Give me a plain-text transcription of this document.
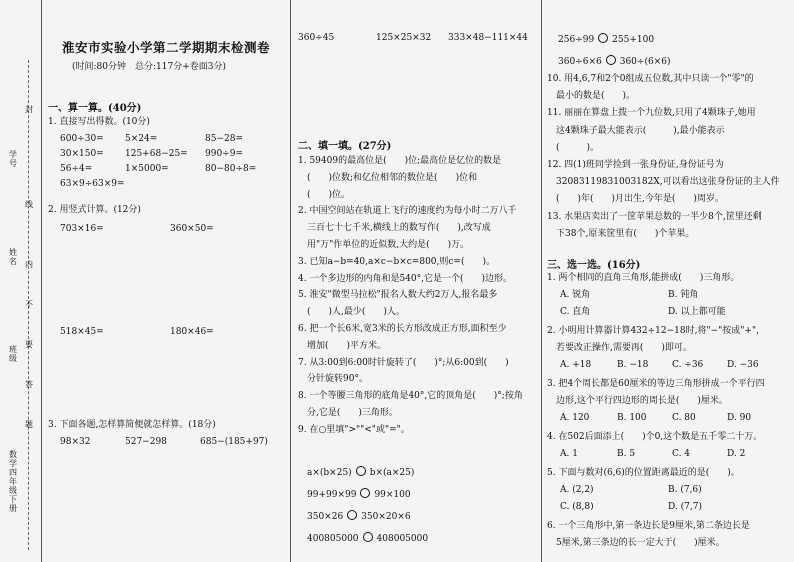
学号
姓名
班级
数学四年级下册
封
线
内
不
要
答
题
淮安市实验小学第二学期期末检测卷
(时间:80分钟　总分:117分+卷面3分)
一、算一算。(40分)
1. 直接写出得数。(10分)
600÷30= 5×24=	85−28=
30×150= 125+68−25= 990÷9=
56÷4=	1×5000=	80−80÷8=
63×9÷63×9=
2. 用竖式计算。(12分)
703×16=	360×50=
518×45=	180×46=
3. 下面各题,怎样算简便就怎样算。(18分)
98×32	527−298	685−(185+97)
360÷45	125×25×32 333×48−111×44
二、填一填。(27分)
1. 59409的最高位是(　　)位;最高位是亿位的数是
　(　　)位数;和亿位相邻的数位是(　　)位和
　(　　)位。
2. 中国空间站在轨道上飞行的速度约为每小时二万八千
　三百七十七千米,横线上的数写作(　　),改写成
　用"万"作单位的近似数,大约是(　　)万。
3. 已知a−b=40,a×c−b×c=800,则c=(　　)。
4. 一个多边形的内角和是540°,它是一个(　　)边形。
5. 淮安"微型马拉松"报名人数大约2万人,报名最多
　(　　)人,最少(　　)人。
6. 把一个长6米,宽3米的长方形改成正方形,面积至少
　增加(　　)平方米。
7. 从3:00到6:00时针旋转了(　　)°;从6:00到(　　)
　分针旋转90°。
8. 一个等腰三角形的底角是40°,它的顶角是(　　)°;按角
　分,它是(　　)三角形。
9. 在○里填">""<"或"="。
a×(b×25) b×(a×25)
99+99×99 99×100
350×26 350×20×6
400805000 408005000
256÷99 255+100
360÷6×6 360÷(6×6)
10. 用4,6,7和2个0组成五位数,其中只读一个"零"的
　最小的数是(　　)。
11. 丽丽在算盘上拨一个九位数,只用了4颗珠子,她用
　这4颗珠子最大能表示(　　　),最小能表示
　(　　　)。
12. 四(1)班同学捡到一张身份证,身份证号为
　32083119831003182X,可以看出这张身份证的主人件
　(　　)年(　　)月出生,今年是(　　)周岁。
13. 水果店卖出了一筐苹果总数的一半少8个,筐里还剩
　下38个,原来筐里有(　　)个苹果。
三、选一选。(16分)
1. 两个相同的直角三角形,能拼成(　　)三角形。
A. 锐角	B. 钝角
C. 直角	D. 以上都可能
2. 小明用计算器计算432÷12−18时,将"−"按成"+",
　若要改正操作,需要再(　　)即可。
A. +18	B. −18	C. ÷36	D. −36
3. 把4个周长都是60厘米的等边三角形拼成一个平行四
　边形,这个平行四边形的周长是(　　)厘米。
A. 120	B. 100	C. 80	D. 90
4. 在502后面添上(　　)个0,这个数是五千零二十万。
A. 1	B. 5	C. 4	D. 2
5. 下面与数对(6,6)的位置距离最近的是(　　)。
A. (2,2)	B. (7,6)
C. (8,8)	D. (7,7)
6. 一个三角形中,第一条边长是9厘米,第二条边长是
　5厘米,第三条边的长一定大于(　　)厘米。
